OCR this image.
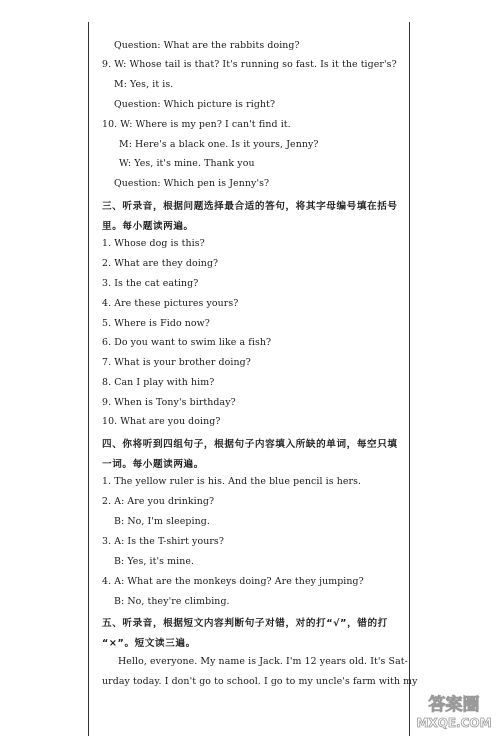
Question: What are the rabbits doing?
9. W: Whose tail is that? It's running so fast. Is it the tiger's?
M: Yes, it is.
Question: Which picture is right?
10. W: Where is my pen? I can't find it.
M: Here's a black one. Is it yours, Jenny?
W: Yes, it's mine. Thank you
Question: Which pen is Jenny's?
三、听录音，根据问题选择最合适的答句，将其字母编号填在括号
里。每小题读两遍。
1. Whose dog is this?
2. What are they doing?
3. Is the cat eating?
4. Are these pictures yours?
5. Where is Fido now?
6. Do you want to swim like a fish?
7. What is your brother doing?
8. Can I play with him?
9. When is Tony's birthday?
10. What are you doing?
四、你将听到四组句子，根据句子内容填入所缺的单词，每空只填
一词。每小题读两遍。
1. The yellow ruler is his. And the blue pencil is hers.
2. A: Are you drinking?
B: No, I'm sleeping.
3. A: Is the T-shirt yours?
B: Yes, it's mine.
4. A: What are the monkeys doing? Are they jumping?
B: No, they're climbing.
五、听录音，根据短文内容判断句子对错，对的打“√”，错的打
“×”。短文读三遍。
Hello, everyone. My name is Jack. I'm 12 years old. It's Sat-
urday today. I don't go to school. I go to my uncle's farm with my
答案圈
MXQE.COM
